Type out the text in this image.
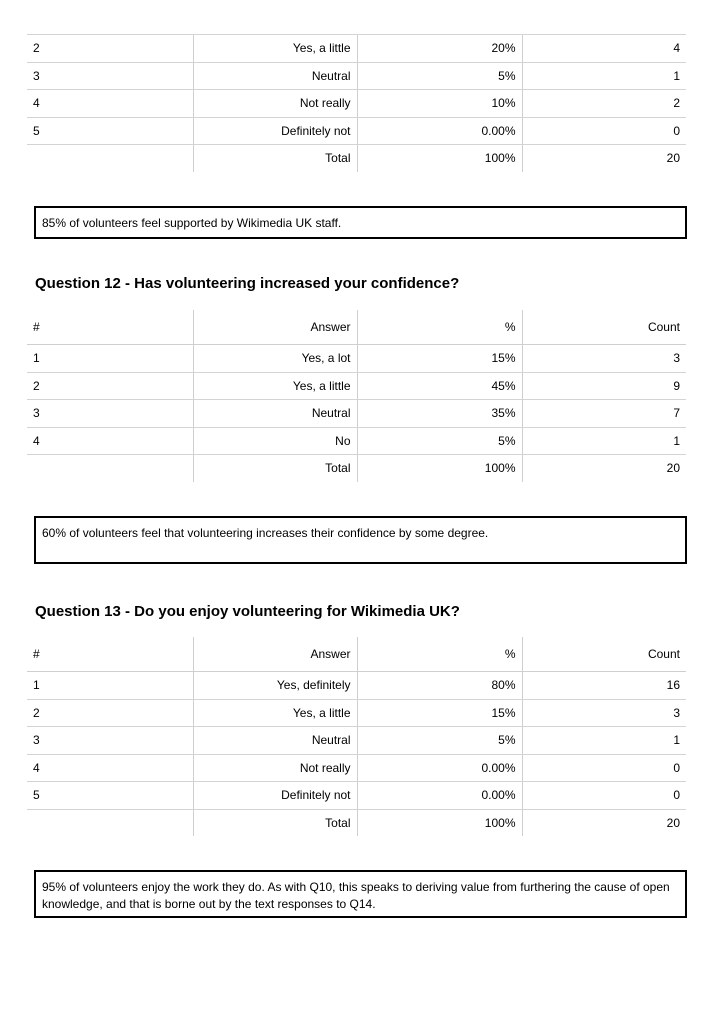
2	Yes, a little	20%	4
3	Neutral	5%	1
4	Not really	10%	2
5	Definitely not	0.00%	0
	Total	100%	20
85% of volunteers feel supported by Wikimedia UK staff.
Question 12 - Has volunteering increased your confidence?
#	Answer	%	Count
1	Yes, a lot	15%	3
2	Yes, a little	45%	9
3	Neutral	35%	7
4	No	5%	1
	Total	100%	20
60% of volunteers feel that volunteering increases their confidence by some degree.
Question 13 - Do you enjoy volunteering for Wikimedia UK?
#	Answer	%	Count
1	Yes, definitely	80%	16
2	Yes, a little	15%	3
3	Neutral	5%	1
4	Not really	0.00%	0
5	Definitely not	0.00%	0
	Total	100%	20
95% of volunteers enjoy the work they do. As with Q10, this speaks to deriving value from furthering the cause of open knowledge, and that is borne out by the text responses to Q14.
